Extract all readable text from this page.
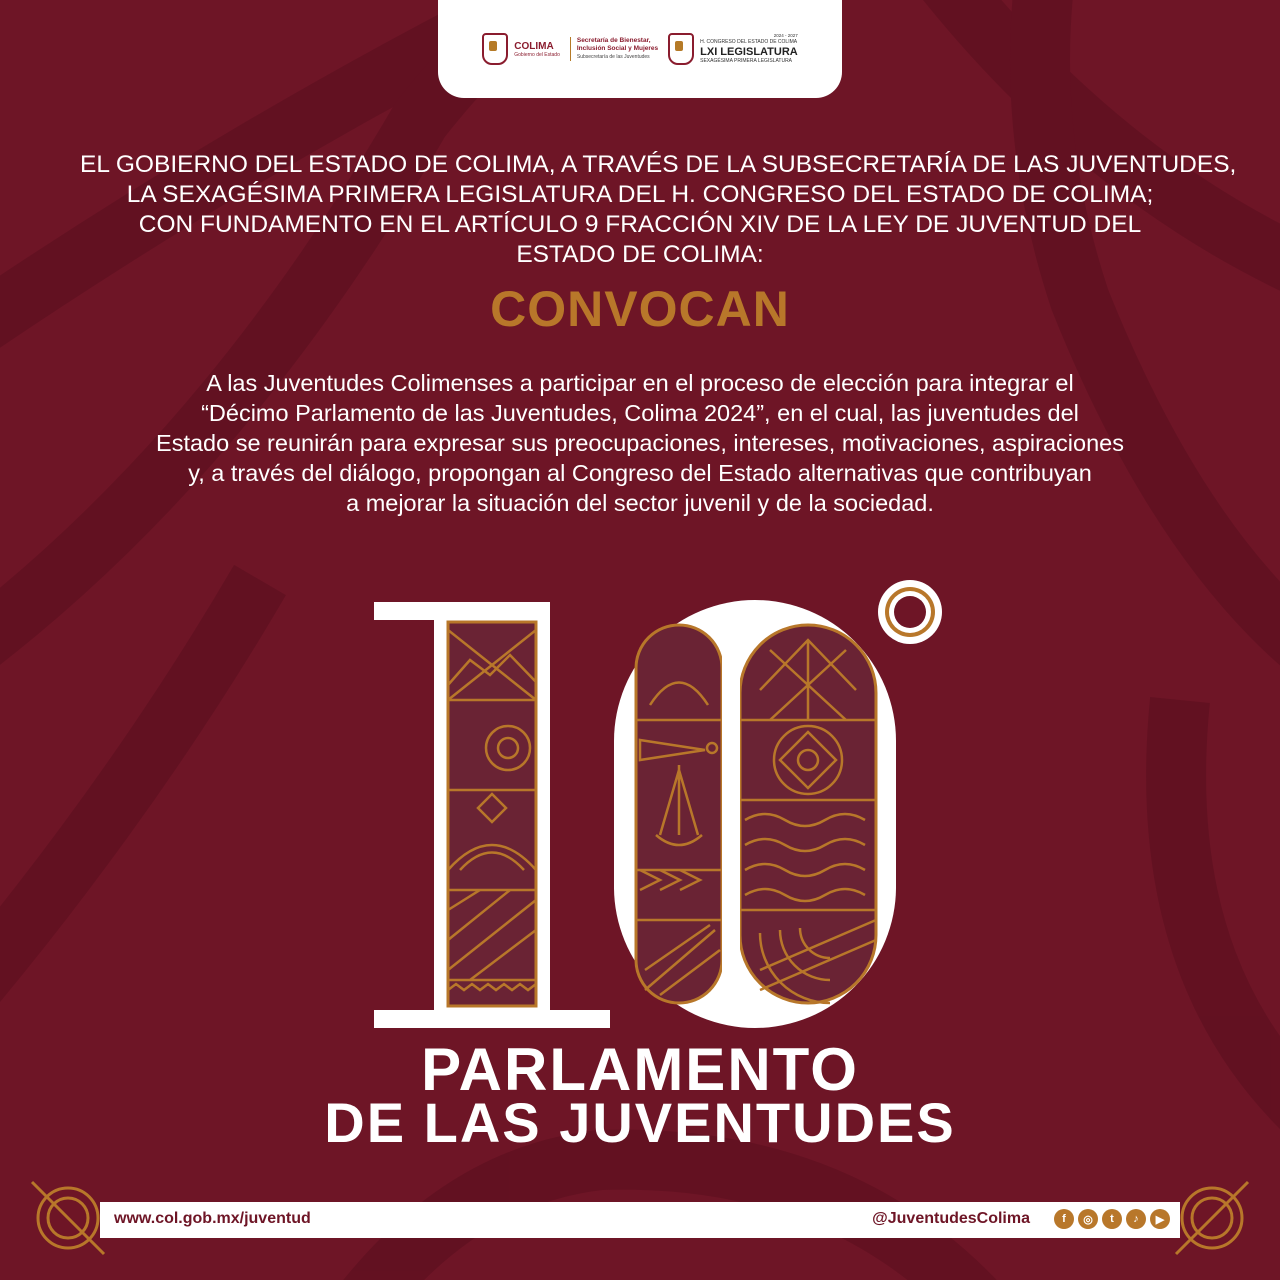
COLIMA
Gobierno del Estado
Secretaría de Bienestar,
Inclusión Social y Mujeres
Subsecretaría de las Juventudes
2024 - 2027
H. CONGRESO DEL ESTADO DE COLIMA
LXI LEGISLATURA
SEXAGÉSIMA PRIMERA LEGISLATURA
EL GOBIERNO DEL ESTADO DE COLIMA, A TRAVÉS DE LA SUBSECRETARÍA DE LAS JUVENTUDES,
LA SEXAGÉSIMA PRIMERA LEGISLATURA DEL H. CONGRESO DEL ESTADO DE COLIMA;
CON FUNDAMENTO EN EL ARTÍCULO 9 FRACCIÓN XIV DE LA LEY DE JUVENTUD DEL
ESTADO DE COLIMA:
CONVOCAN
A las Juventudes Colimenses a participar en el proceso de elección para integrar el
“Décimo Parlamento de las Juventudes, Colima 2024”, en el cual, las juventudes del
Estado se reunirán para expresar sus preocupaciones, intereses, motivaciones, aspiraciones
y, a través del diálogo, propongan al Congreso del Estado alternativas que contribuyan
a mejorar la situación del sector juvenil y de la sociedad.
PARLAMENTO
DE LAS JUVENTUDES
www.col.gob.mx/juventud	@JuventudesColima	f	◎	t	♪	▶
